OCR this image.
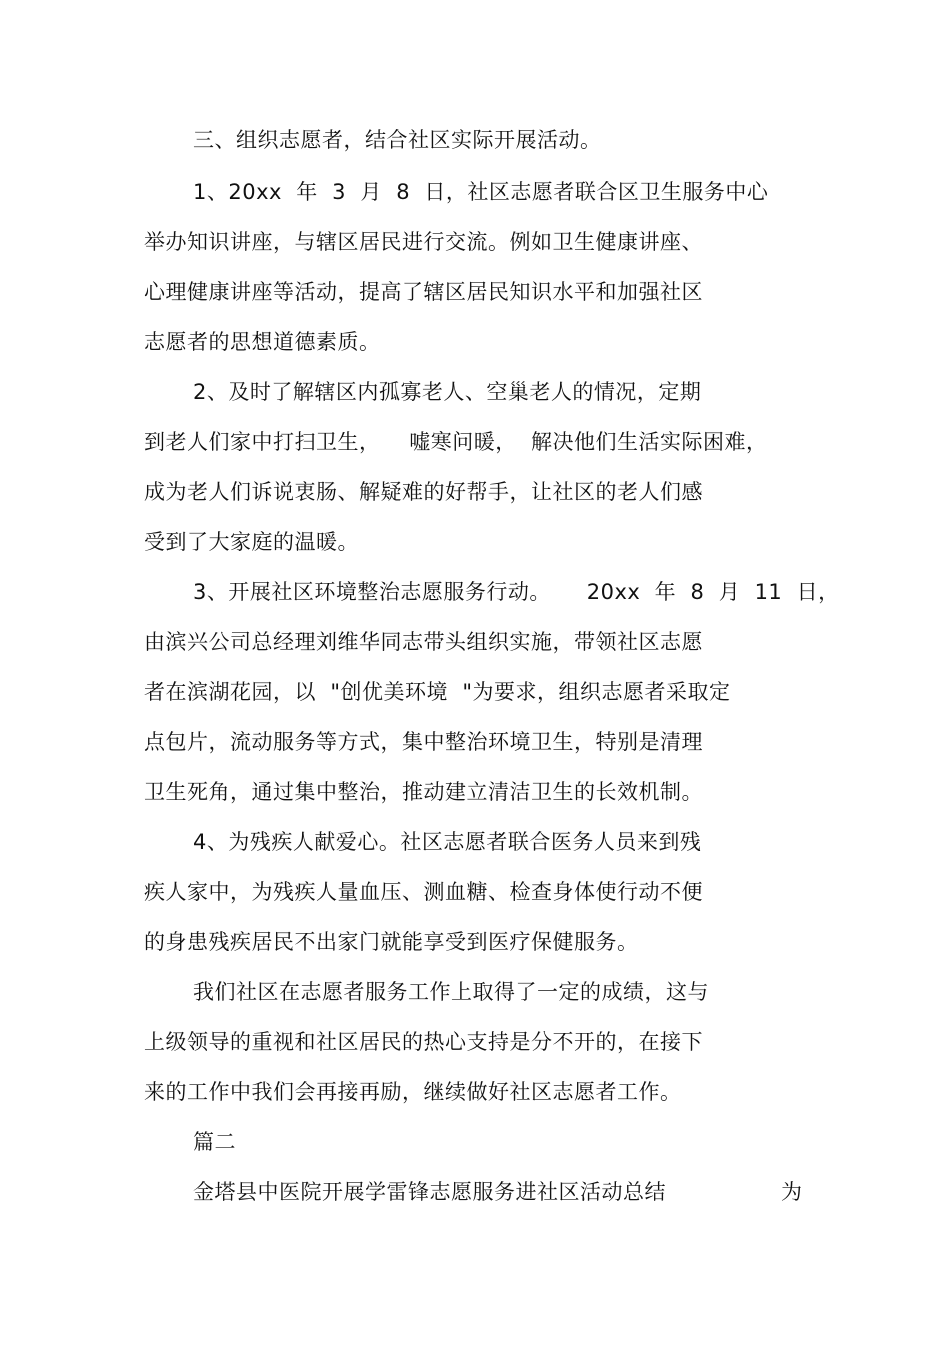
三、组织志愿者，结合社区实际开展活动。
1、20xx  年  3  月  8  日，社区志愿者联合区卫生服务中心
举办知识讲座，与辖区居民进行交流。例如卫生健康讲座、
心理健康讲座等活动，提高了辖区居民知识水平和加强社区
志愿者的思想道德素质。
2、及时了解辖区内孤寡老人、空巢老人的情况，定期
到老人们家中打扫卫生，    嘘寒问暖，  解决他们生活实际困难，
成为老人们诉说衷肠、解疑难的好帮手，让社区的老人们感
受到了大家庭的温暖。
3、开展社区环境整治志愿服务行动。     20xx  年  8  月  11  日，
由滨兴公司总经理刘维华同志带头组织实施，带领社区志愿
者在滨湖花园，以  "创优美环境  "为要求，组织志愿者采取定
点包片，流动服务等方式，集中整治环境卫生，特别是清理
卫生死角，通过集中整治，推动建立清洁卫生的长效机制。
4、为残疾人献爱心。社区志愿者联合医务人员来到残
疾人家中，为残疾人量血压、测血糖、检查身体使行动不便
的身患残疾居民不出家门就能享受到医疗保健服务。
我们社区在志愿者服务工作上取得了一定的成绩，这与
上级领导的重视和社区居民的热心支持是分不开的，在接下
来的工作中我们会再接再励，继续做好社区志愿者工作。
篇二
金塔县中医院开展学雷锋志愿服务进社区活动总结	为
